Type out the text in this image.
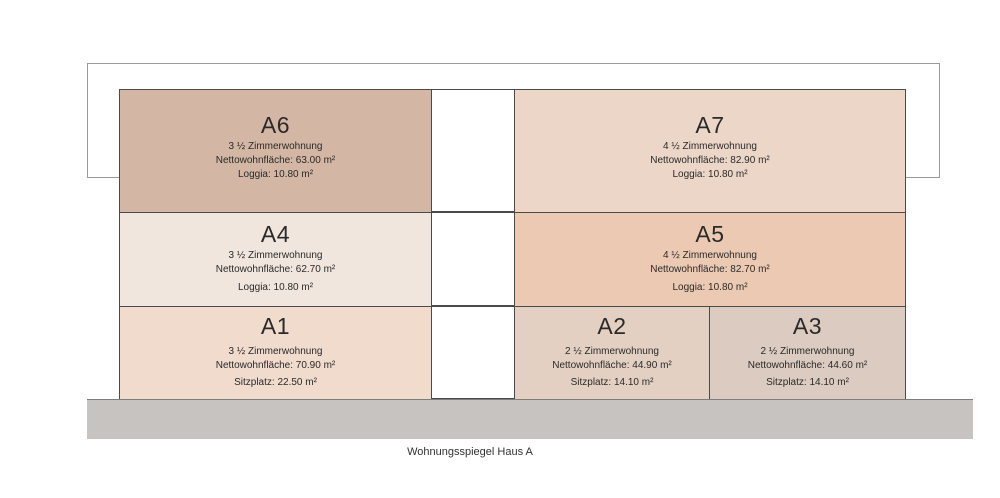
A6
3 ½ Zimmerwohnung
Nettowohnfläche: 63.00 m²
Loggia: 10.80 m²
A7
4 ½ Zimmerwohnung
Nettowohnfläche: 82.90 m²
Loggia: 10.80 m²
A4
3 ½ Zimmerwohnung
Nettowohnfläche: 62.70 m²
Loggia: 10.80 m²
A5
4 ½ Zimmerwohnung
Nettowohnfläche: 82.70 m²
Loggia: 10.80 m²
A1
3 ½ Zimmerwohnung
Nettowohnfläche: 70.90 m²
Sitzplatz: 22.50 m²
A2
2 ½ Zimmerwohnung
Nettowohnfläche: 44.90 m²
Sitzplatz: 14.10 m²
A3
2 ½ Zimmerwohnung
Nettowohnfläche: 44.60 m²
Sitzplatz: 14.10 m²
Wohnungsspiegel Haus A
